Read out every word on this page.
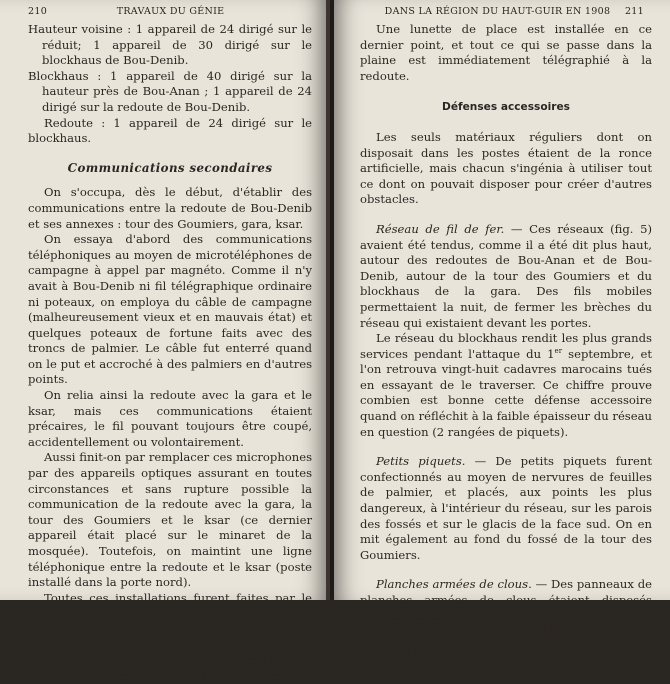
210	TRAVAUX DU GÉNIE

Hauteur voisine : 1 appareil de 24 dirigé sur le réduit; 1 appareil de 30 dirigé sur le blockhaus de Bou-Denib.

Blockhaus : 1 appareil de 40 dirigé sur la hauteur près de Bou-Anan ; 1 appareil de 24 dirigé sur la redoute de Bou-Denib.

Redoute : 1 appareil de 24 dirigé sur le blockhaus.

Communications secondaires

On s'occupa, dès le début, d'établir des communications entre la redoute de Bou-Denib et ses annexes : tour des Goumiers, gara, ksar.

On essaya d'abord des communications téléphoniques au moyen de microtéléphones de campagne à appel par magnéto. Comme il n'y avait à Bou-Denib ni fil télégraphique ordinaire ni poteaux, on employa du câble de campagne (malheureusement vieux et en mauvais état) et quelques poteaux de fortune faits avec des troncs de palmier. Le câble fut enterré quand on le put et accroché à des palmiers en d'autres points.

On relia ainsi la redoute avec la gara et le ksar, mais ces communications étaient précaires, le fil pouvant toujours être coupé, accidentellement ou volontairement.

Aussi finit-on par remplacer ces microphones par des appareils optiques assurant en toutes circonstances et sans rupture possible la communication de la redoute avec la gara, la tour des Goumiers et le ksar (ce dernier appareil était placé sur le minaret de la mosquée). Toutefois, on maintint une ligne téléphonique entre la redoute et le ksar (poste installé dans la porte nord).

Toutes ces installations furent faites par le lieutenant Playoust.

Les lignes optiques furent repliées peu après le retour de la colonne, à la fin de septembre, à l'exception de celle reliant la redoute au blockhaus qui fonctionne encore actuellement.

DANS LA RÉGION DU HAUT-GUIR EN 1908 211

Une lunette de place est installée en ce dernier point, et tout ce qui se passe dans la plaine est immédiatement télégraphié à la redoute.

Défenses accessoires

Les seuls matériaux réguliers dont on disposait dans les postes étaient de la ronce artificielle, mais chacun s'ingénia à utiliser tout ce dont on pouvait disposer pour créer d'autres obstacles.

Réseau de fil de fer. — Ces réseaux (fig. 5) avaient été tendus, comme il a été dit plus haut, autour des redoutes de Bou-Anan et de Bou-Denib, autour de la tour des Goumiers et du blockhaus de la gara. Des fils mobiles permettaient la nuit, de fermer les brèches du réseau qui existaient devant les portes.

Le réseau du blockhaus rendit les plus grands services pendant l'attaque du 1er septembre, et l'on retrouva vingt-huit cadavres marocains tués en essayant de le traverser. Ce chiffre prouve combien est bonne cette défense accessoire quand on réfléchit à la faible épaisseur du réseau en question (2 rangées de piquets).

Petits piquets. — De petits piquets furent confectionnés au moyen de nervures de feuilles de palmier, et placés, aux points les plus dangereux, à l'intérieur du réseau, sur les parois des fossés et sur le glacis de la face sud. On en mit également au fond du fossé de la tour des Goumiers.

Planches armées de clous. — Des panneaux de planches armées de clous étaient disposés auprès des portes de la redoute de Bou-Denib, et pouvaient être mis en place, devant ces dernières, en quelques secondes, en cas de besoin (fig. 7).
